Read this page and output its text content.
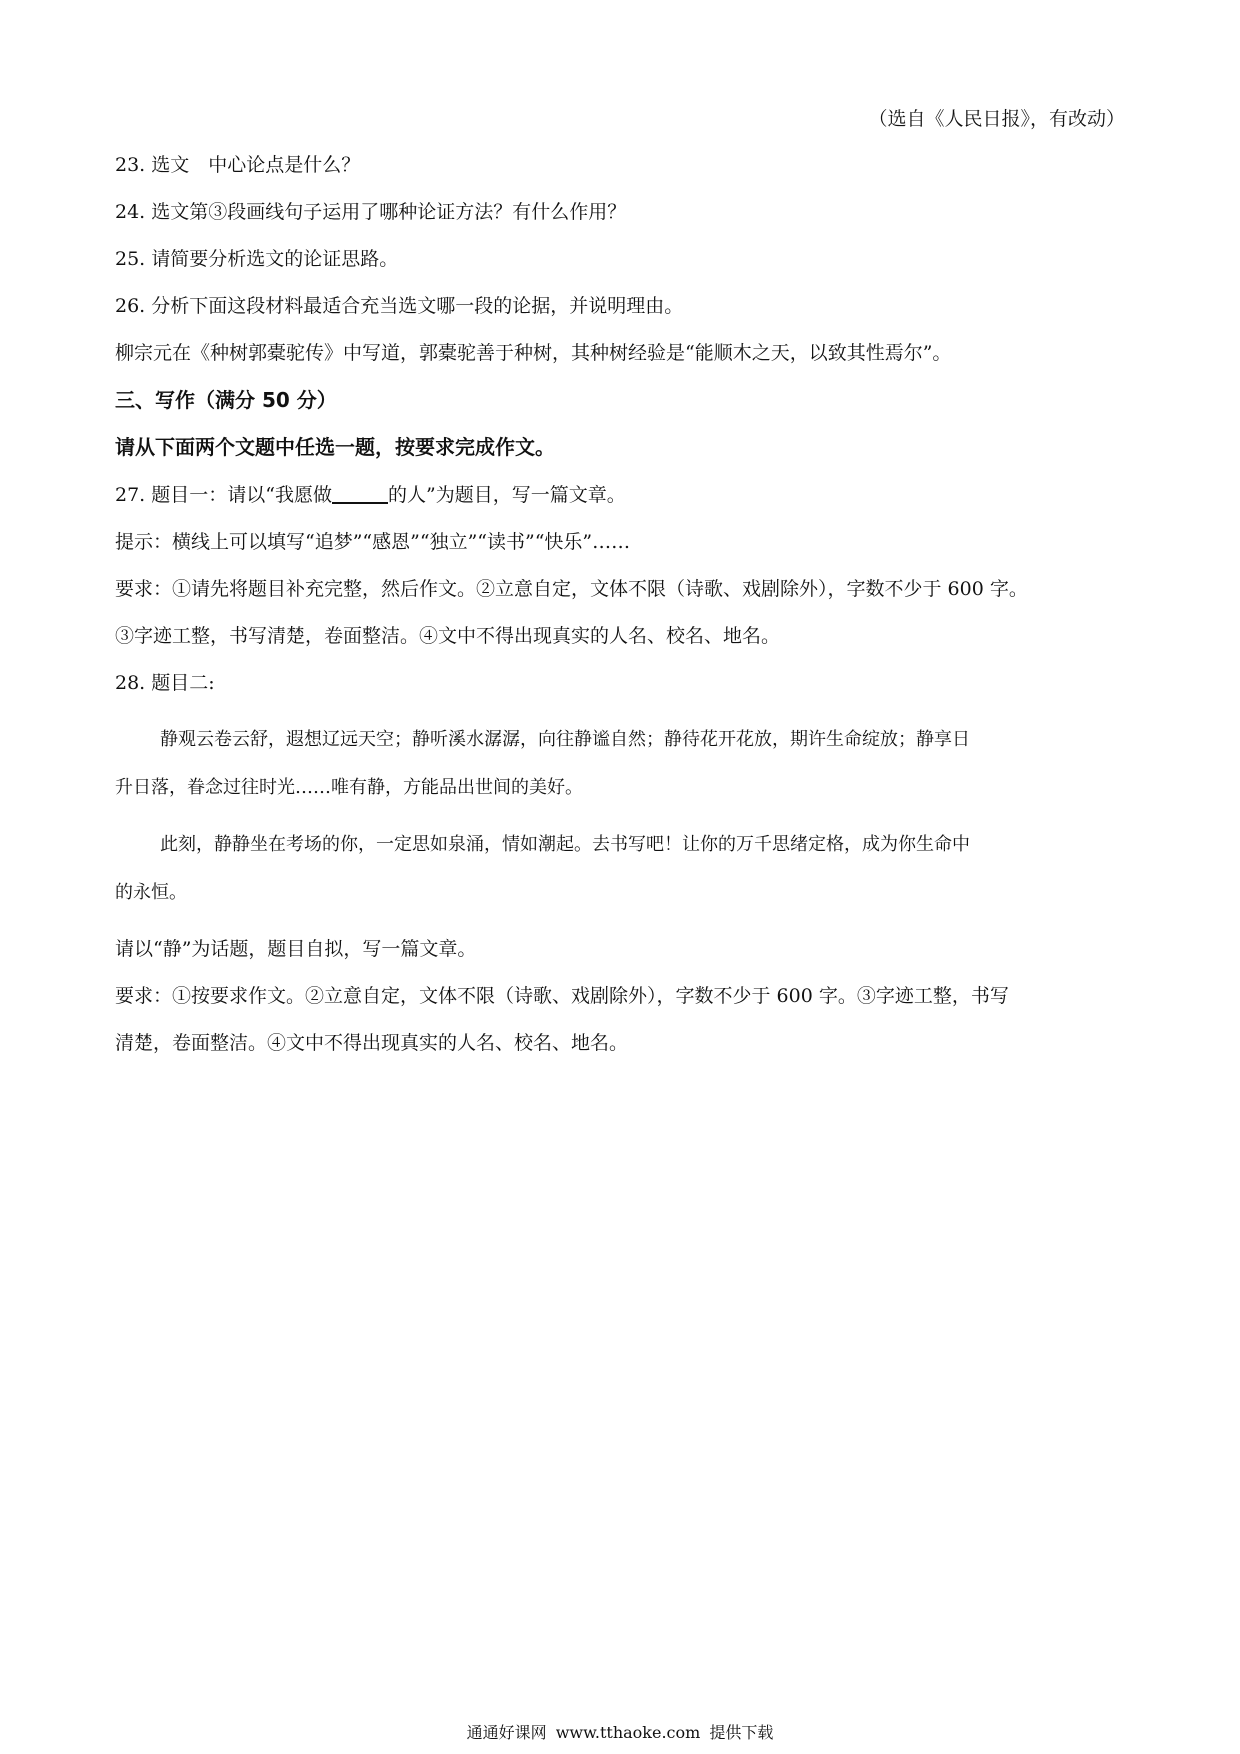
（选自《人民日报》，有改动）
23. 选文　中心论点是什么？
24. 选文第③段画线句子运用了哪种论证方法？有什么作用？
25. 请简要分析选文的论证思路。
26. 分析下面这段材料最适合充当选文哪一段的论据，并说明理由。
柳宗元在《种树郭橐驼传》中写道，郭橐驼善于种树，其种树经验是“能顺木之天，以致其性焉尔”。
三、写作（满分 50 分）
请从下面两个文题中任选一题，按要求完成作文。
27. 题目一：请以“我愿做	的人”为题目，写一篇文章。
提示：横线上可以填写“追梦”“感恩”“独立”“读书”“快乐”……
要求：①请先将题目补充完整，然后作文。②立意自定，文体不限（诗歌、戏剧除外），字数不少于 600 字。
③字迹工整，书写清楚，卷面整洁。④文中不得出现真实的人名、校名、地名。
28. 题目二:
静观云卷云舒，遐想辽远天空；静听溪水潺潺，向往静谧自然；静待花开花放，期许生命绽放；静享日
升日落，眷念过往时光……唯有静，方能品出世间的美好。
此刻，静静坐在考场的你，一定思如泉涌，情如潮起。去书写吧！让你的万千思绪定格，成为你生命中
的永恒。
请以“静”为话题，题目自拟，写一篇文章。
要求：①按要求作文。②立意自定，文体不限（诗歌、戏剧除外），字数不少于 600 字。③字迹工整，书写
清楚，卷面整洁。④文中不得出现真实的人名、校名、地名。
通通好课网 www.tthaoke.com 提供下载
